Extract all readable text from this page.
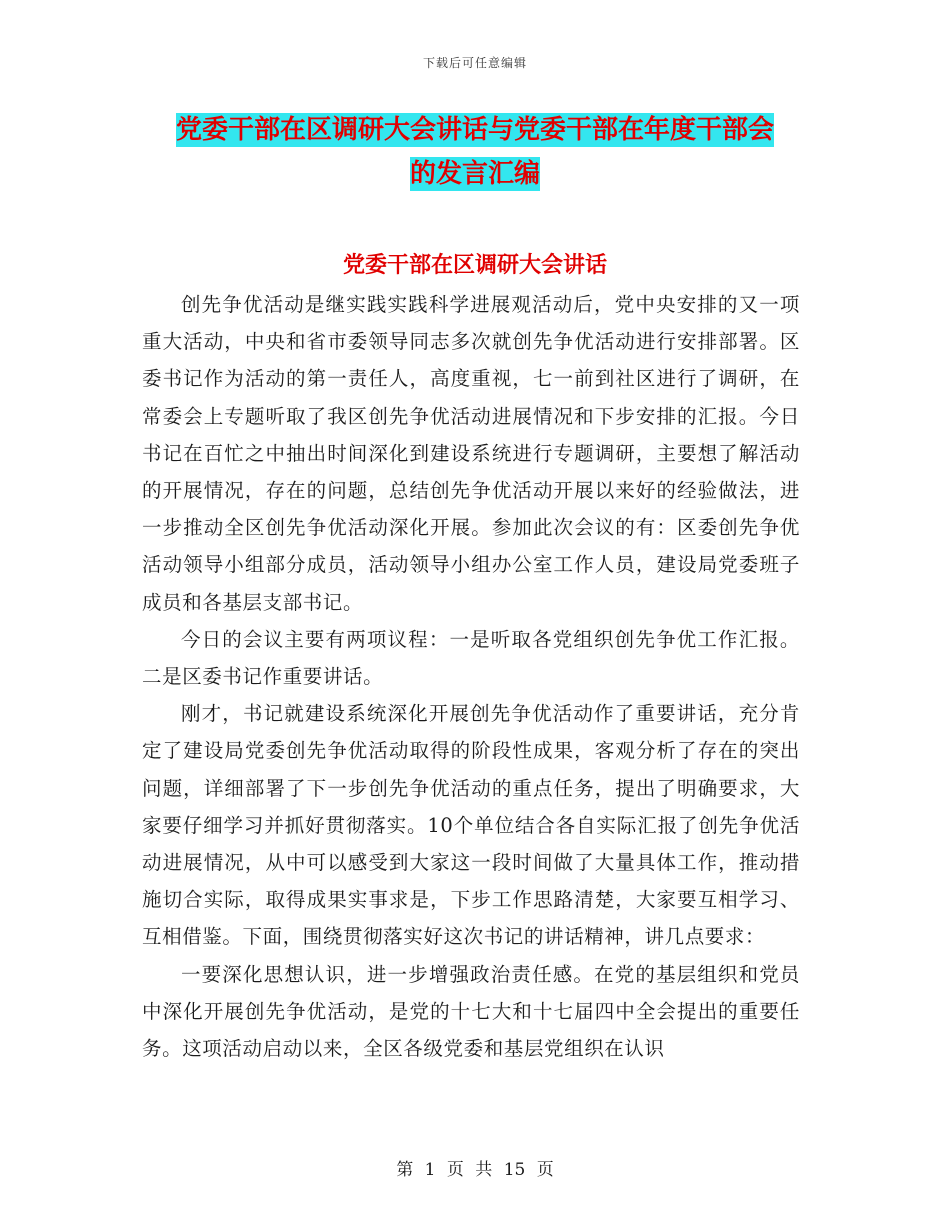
下载后可任意编辑
党委干部在区调研大会讲话与党委干部在年度干部会
的发言汇编
党委干部在区调研大会讲话

创先争优活动是继实践实践科学进展观活动后，党中央安排的又一项重大活动，中央和省市委领导同志多次就创先争优活动进行安排部署。区委书记作为活动的第一责任人，高度重视，七一前到社区进行了调研，在常委会上专题听取了我区创先争优活动进展情况和下步安排的汇报。今日书记在百忙之中抽出时间深化到建设系统进行专题调研，主要想了解活动的开展情况，存在的问题，总结创先争优活动开展以来好的经验做法，进一步推动全区创先争优活动深化开展。参加此次会议的有：区委创先争优活动领导小组部分成员，活动领导小组办公室工作人员，建设局党委班子成员和各基层支部书记。

今日的会议主要有两项议程：一是听取各党组织创先争优工作汇报。二是区委书记作重要讲话。

刚才，书记就建设系统深化开展创先争优活动作了重要讲话，充分肯定了建设局党委创先争优活动取得的阶段性成果，客观分析了存在的突出问题，详细部署了下一步创先争优活动的重点任务，提出了明确要求，大家要仔细学习并抓好贯彻落实。10个单位结合各自实际汇报了创先争优活动进展情况，从中可以感受到大家这一段时间做了大量具体工作，推动措施切合实际，取得成果实事求是，下步工作思路清楚，大家要互相学习、互相借鉴。下面，围绕贯彻落实好这次书记的讲话精神，讲几点要求：

一要深化思想认识，进一步增强政治责任感。在党的基层组织和党员中深化开展创先争优活动，是党的十七大和十七届四中全会提出的重要任务。这项活动启动以来，全区各级党委和基层党组织在认识

第 1 页 共 15 页
